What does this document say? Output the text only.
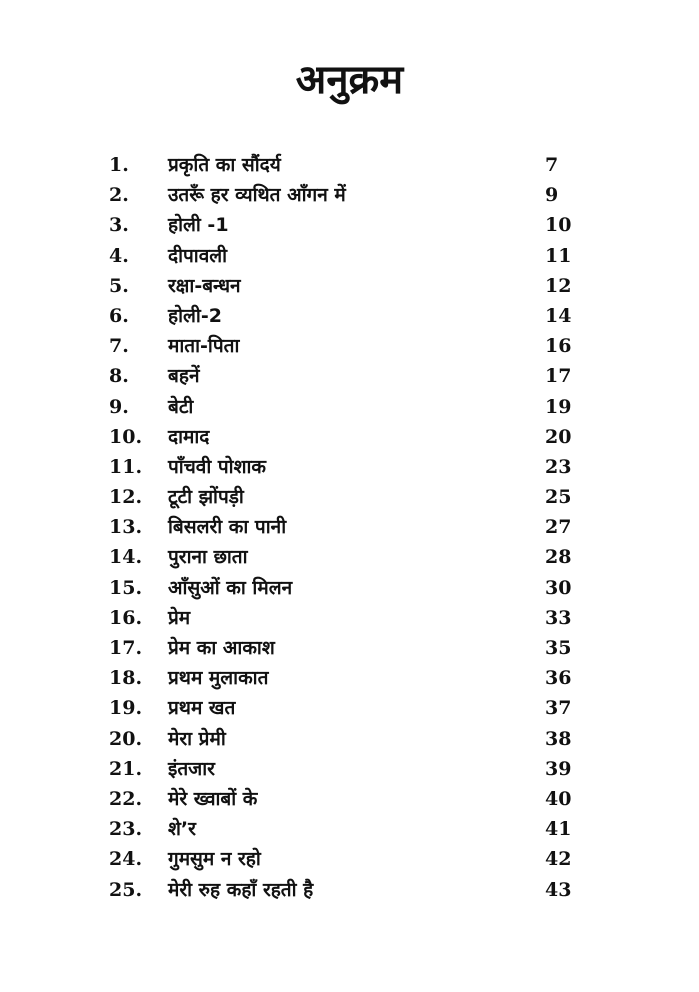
अनुक्रम
1. प्रकृति का सौंदर्य	7
2. उतरूँ हर व्यथित आँगन में	9
3. होली -1	10
4. दीपावली	11
5. रक्षा-बन्धन	12
6. होली-2	14
7. माता-पिता	16
8. बहनें	17
9. बेटी	19
10. दामाद	20
11. पाँचवी पोशाक	23
12. टूटी झोंपड़ी	25
13. बिसलरी का पानी	27
14. पुराना छाता	28
15. आँसुओं का मिलन	30
16. प्रेम	33
17. प्रेम का आकाश	35
18. प्रथम मुलाकात	36
19. प्रथम खत	37
20. मेरा प्रेमी	38
21. इंतजार	39
22. मेरे ख्वाबों के	40
23. शे’र	41
24. गुमसुम न रहो	42
25. मेरी रुह कहाँ रहती है	43
